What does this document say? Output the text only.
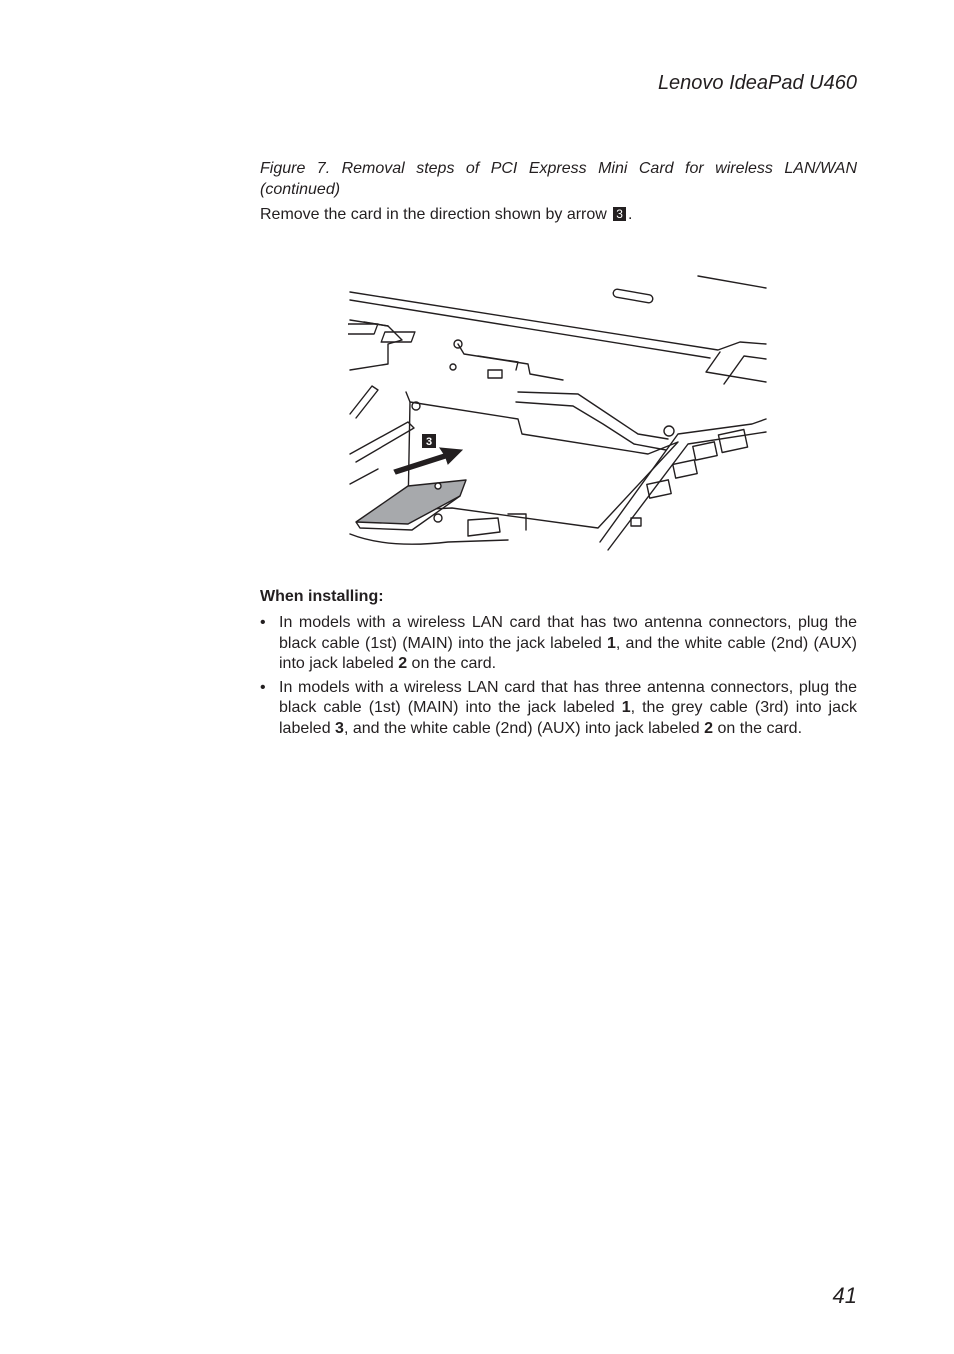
Lenovo IdeaPad U460

Figure 7. Removal steps of PCI Express Mini Card for wireless LAN/WAN (continued)

Remove the card in the direction shown by arrow 3 .

3

When installing:

• In models with a wireless LAN card that has two antenna connectors, plug the black cable (1st) (MAIN) into the jack labeled 1, and the white cable (2nd) (AUX) into jack labeled 2 on the card.
• In models with a wireless LAN card that has three antenna connectors, plug the black cable (1st) (MAIN) into the jack labeled 1, the grey cable (3rd) into jack labeled 3, and the white cable (2nd) (AUX) into jack labeled 2 on the card.
41
